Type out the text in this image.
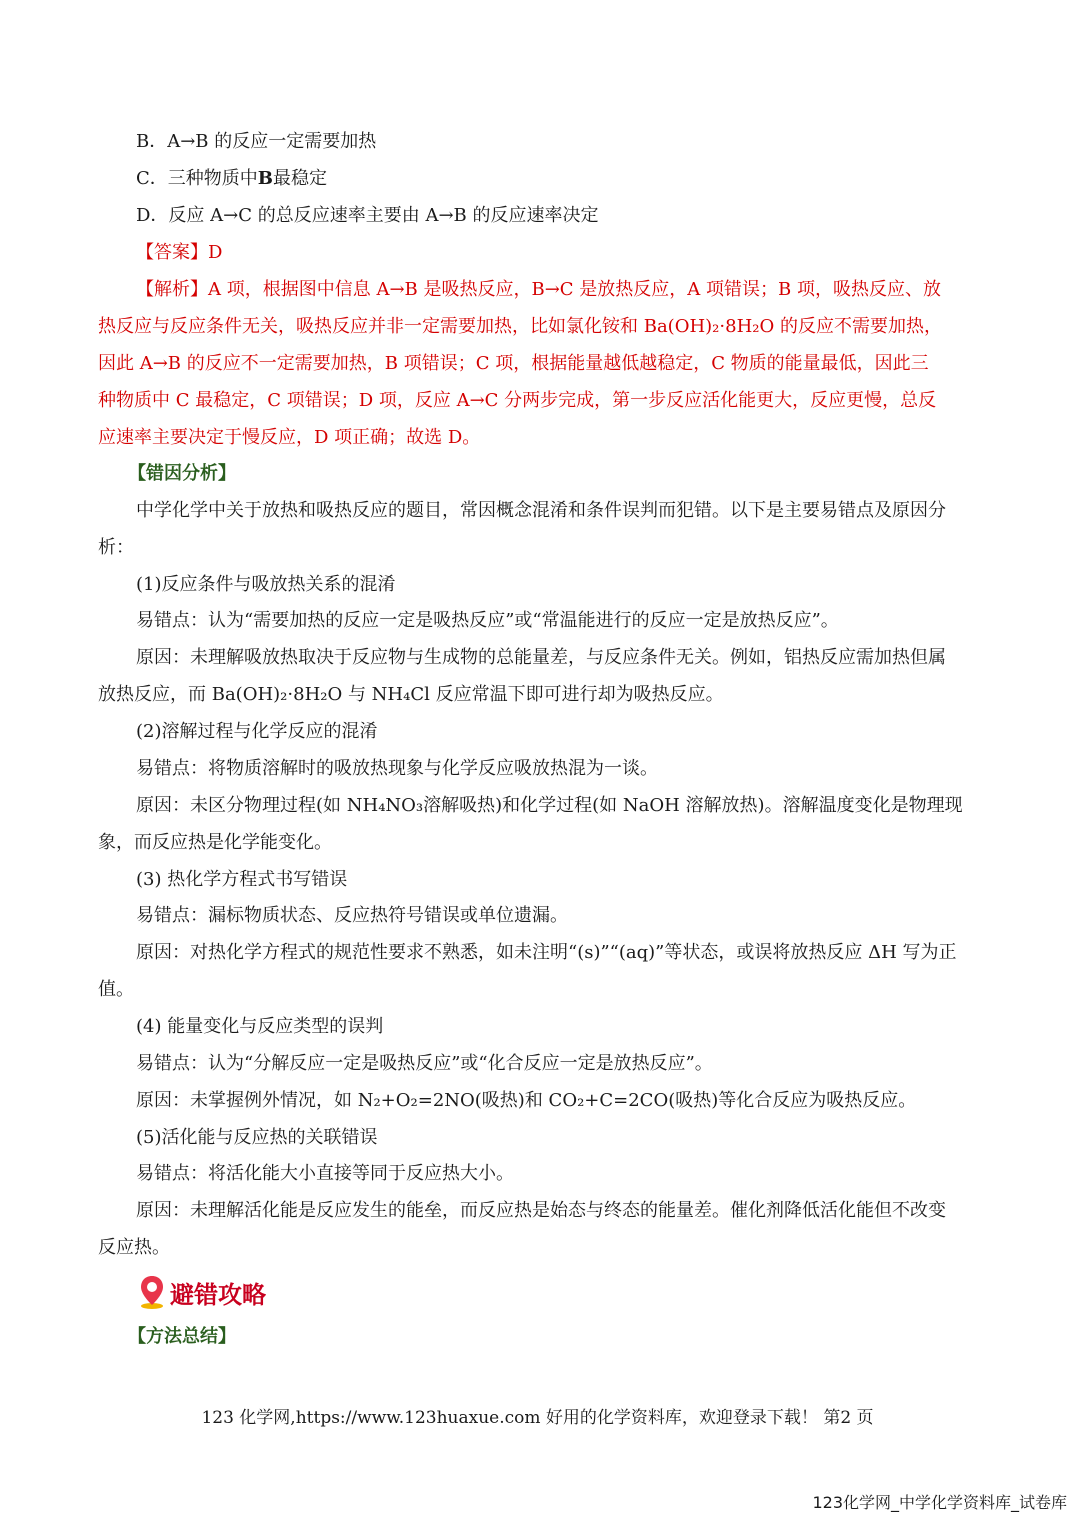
B．A→B 的反应一定需要加热
C．三种物质中B最稳定
D．反应 A→C 的总反应速率主要由 A→B 的反应速率决定
【答案】D
【解析】A 项，根据图中信息 A→B 是吸热反应，B→C 是放热反应，A 项错误；B 项，吸热反应、放
热反应与反应条件无关，吸热反应并非一定需要加热，比如氯化铵和 Ba(OH)₂·8H₂O 的反应不需要加热，
因此 A→B 的反应不一定需要加热，B 项错误；C 项，根据能量越低越稳定，C 物质的能量最低，因此三
种物质中 C 最稳定，C 项错误；D 项，反应 A→C 分两步完成，第一步反应活化能更大，反应更慢，总反
应速率主要决定于慢反应，D 项正确；故选 D。
【错因分析】
中学化学中关于放热和吸热反应的题目，常因概念混淆和条件误判而犯错。以下是主要易错点及原因分
析：
(1)反应条件与吸放热关系的混淆
易错点：认为“需要加热的反应一定是吸热反应”或“常温能进行的反应一定是放热反应”。
原因：未理解吸放热取决于反应物与生成物的总能量差，与反应条件无关。例如，铝热反应需加热但属
放热反应，而 Ba(OH)₂·8H₂O 与 NH₄Cl 反应常温下即可进行却为吸热反应。
(2)溶解过程与化学反应的混淆
易错点：将物质溶解时的吸放热现象与化学反应吸放热混为一谈。
原因：未区分物理过程(如 NH₄NO₃溶解吸热)和化学过程(如 NaOH 溶解放热)。溶解温度变化是物理现
象，而反应热是化学能变化。
(3) 热化学方程式书写错误
易错点：漏标物质状态、反应热符号错误或单位遗漏。
原因：对热化学方程式的规范性要求不熟悉，如未注明“(s)”“(aq)”等状态，或误将放热反应 ΔH 写为正
值。
(4) 能量变化与反应类型的误判
易错点：认为“分解反应一定是吸热反应”或“化合反应一定是放热反应”。
原因：未掌握例外情况，如 N₂+O₂=2NO(吸热)和 CO₂+C=2CO(吸热)等化合反应为吸热反应。
(5)活化能与反应热的关联错误
易错点：将活化能大小直接等同于反应热大小。
原因：未理解活化能是反应发生的能垒，而反应热是始态与终态的能量差。催化剂降低活化能但不改变
反应热。
避错攻略
【方法总结】
123 化学网,https://www.123huaxue.com 好用的化学资料库，欢迎登录下载！ 第2 页
123化学网_中学化学资料库_试卷库
